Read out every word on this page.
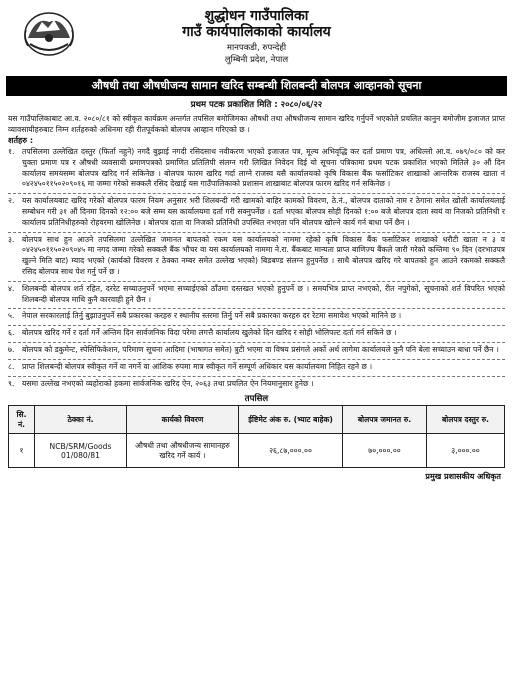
शुद्धोधन गाउँपालिका
गाउँ कार्यपालिकाको कार्यालय
मानपकडी, रुपन्देही
लुम्बिनी प्रदेश, नेपाल
औषधी तथा औषधीजन्य सामान खरिद सम्बन्धी शिलबन्दी बोलपत्र आव्हानको सूचना
प्रथम पटक प्रकाशित मिति : २०८०/०६/२२

यस गाउँपालिकाबाट आ.व. २०८०/८१ को स्वीकृत कार्यक्रम अन्तर्गत तपसिल बमोजिमका औषधी तथा औषधीजन्य सामान खरिद गर्नुपर्ने भएकोले प्रचलित कानुन बमोजीम इजाजत प्राप्त व्यावसायीहरुबाट निम्न शर्तहरुको अधिनमा रही रीतपूर्वकको बोलपत्र आव्हान गरिएको छ ।

शर्तहरु :
१.	तपसिलमा उल्लेखित दस्तुर (फिर्ता नहुने) नगदै बुझाई नगदी रसिदसाथ नवीकरण भएको इजाजत पत्र, मूल्य अभिवृद्धि कर दर्ता प्रमाण पत्र, अधिल्लो आ.व. ०७९/०८० को कर चुक्ता प्रमाण पत्र र औषधी व्यवसायी प्रमाणपत्रको प्रमाणित प्रतिलिपी संलग्न गरी लिखित निवेदन दिई यो सूचना पत्रिकामा प्रथम पटक प्रकाशित भएको मितिले ३० औं दिन कार्यालय समयसम्म बोलपत्र खरिद गर्न सकिनेछ । बोलपत्र फारम खरिद गर्दा लाग्ने राजस्व यसै कार्यालयको कृषि विकास बैंक फर्साटिकर शाखाको आन्तरिक राजस्व खाता नं ०४२४५०११५०२०९०१६ मा जम्मा गरेको सक्कलै रसिद देखाई यस गाउँपालिकाको प्रशासन शाखाबाट बोलपत्र फारम खरिद गर्न सकिनेछ ।
२.	यस कार्यालयबाट खरिद गरेको बोलपत्र फारम नियम अनुसार भरी शिलबन्दी गरी खामको बाहिर कामको विवरण, ठे.नं., बोलपत्र दाताको नाम र ठेगाना समेत खोली कार्यालयलाई सम्बोधन गरी ३१ औं दिनमा दिनको १२:०० बजे सम्म यस कार्यालयमा दर्ता गरी सक्नुपर्नेछ । दर्ता भएका बोलपत्र सोही दिनको १:०० बजे बोलपत्र दाता स्वयं वा निजको प्रतिनिधी र कार्यालय प्रतिनिधीहरुको रोहवरमा खोलिनेछ । बोलपत्र दाता वा निजको प्रतिनिधी उपस्थित नभएता पनि बोलपत्र खोल्ने कार्य गर्न बाधा पर्ने छैन ।
३.	बोलपत्र साथ हुन आउने तपसिलमा उल्लेखित जमानत बापतको रकम यस कार्यालयको नाममा रहेको कृषि विकास बैंक फर्साटिकर शाखाको धरौटी खाता न ३ व ०४२४५०११५०२०९०४५ मा नगद जम्मा गरेको सक्कलै बैंक भौचर वा यस कार्यालयको नाममा ने.रा. बैंकबाट मान्यता प्राप्त बाणिज्य बैंकले जारी गरेको कम्तिमा ९० दिन (दरभाउपत्र खुल्ने मिति बाट) म्याद भएको (कार्यको विवरण र ठेक्का नम्बर समेत उल्लेख भएको) बिडबण्ड संलग्न हुनुपर्नेछ । साथै बोलपत्र खरिद गरे बापतको हुन आउने रकमको सक्कलै रसिद बोलपत्र साथ पेश गर्नु पर्ने छ ।
४.	शिलबन्दी बोलपत्र शर्त रहित, दररेट सच्याउनुपर्ने भएमा सच्याईएको ठाँउमा दस्तखत भएको हुनुपर्ने छ । समयभित्र प्राप्त नभएको, रीत नपुगेको, सूचनाको शर्त विपरित भएको शिलबन्दी बोलपत्र माथि कुनै कारवाही हुने छैन ।
५.	नेपाल सरकारलाई तिर्नु बुझाउनुपर्ने सबै प्रकारका करहरु र स्थानीय स्तरमा तिर्नु पर्ने सबै प्रकारका करहरु दर रेटमा समावेश भएको मानिने छ ।
६.	बोलपत्र खरिद गर्ने र दर्ता गर्ने अन्तिम दिन सार्वजनिक विदा परेमा लगत्तै कार्यालय खुलेको दिन खरिद र सोही भोलिपल्ट दर्ता गर्न सकिने छ ।
७.	बोलपत्र को डकुमेन्ट, स्पेसिफिकेशन, परिमाण सूचना आदिमा (भाषागत समेत) त्रुटी भएमा वा विषय प्रसंगले अर्को अर्थ लागेमा कार्यालयले कुनै पनि बेला सच्याउन बाधा पर्ने छैन ।
८.	प्राप्त शिलबन्दी बोलपत्र स्वीकृत गर्ने वा नगर्ने वा आंशिक रुपमा मात्र स्वीकृत गर्ने सम्पूर्ण अधिकार यस कार्यालयमा निहित रहने छ ।
९.	यसमा उल्लेख नभएको व्यहोराको हकमा सार्वजनिक खरिद ऐन, २०६३ तथा प्रचलित ऐन नियमानुसार हुनेछ ।
तपसिल
सि. नं.	ठेक्का नं.	कार्यको विवरण	ईष्टिमेट अंक रु. (भ्याट बाहेक)	बोलपत्र जमानत रु.	बोलपत्र दस्तुर रु.
१	NCB/SRM/Goods 01/080/81	औषधी तथा औषधीजन्य सामानहरु खरिद गर्ने कार्य ।	२६,८७,०००.००	७०,०००.००	३,०००.००
प्रमुख प्रशासकीय अधिकृत
